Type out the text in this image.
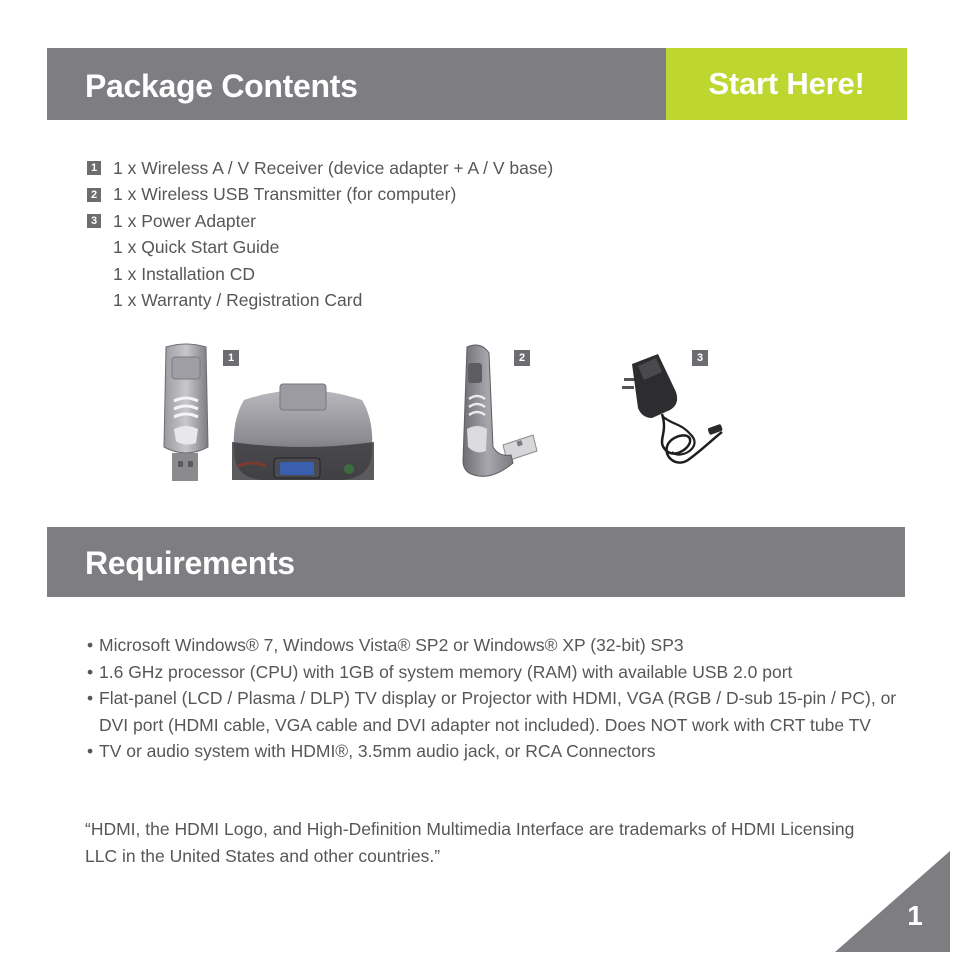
Package Contents	Start Here!
1 1 x Wireless A / V Receiver (device adapter + A / V base)
2 1 x Wireless USB Transmitter (for computer)
3 1 x Power Adapter
1 x Quick Start Guide
1 x Installation CD
1 x Warranty / Registration Card
1	2	3
Requirements
• Microsoft Windows® 7, Windows Vista® SP2 or Windows® XP (32-bit) SP3
• 1.6 GHz processor (CPU) with 1GB of system memory (RAM) with available USB 2.0 port
• Flat-panel (LCD / Plasma / DLP) TV display or Projector with HDMI, VGA (RGB / D-sub 15-pin / PC), or DVI port (HDMI cable, VGA cable and DVI adapter not included). Does NOT work with CRT tube TV
• TV or audio system with HDMI®, 3.5mm audio jack, or RCA Connectors
“HDMI, the HDMI Logo, and High-Definition Multimedia Interface are trademarks of HDMI Licensing LLC in the United States and other countries.”
1
